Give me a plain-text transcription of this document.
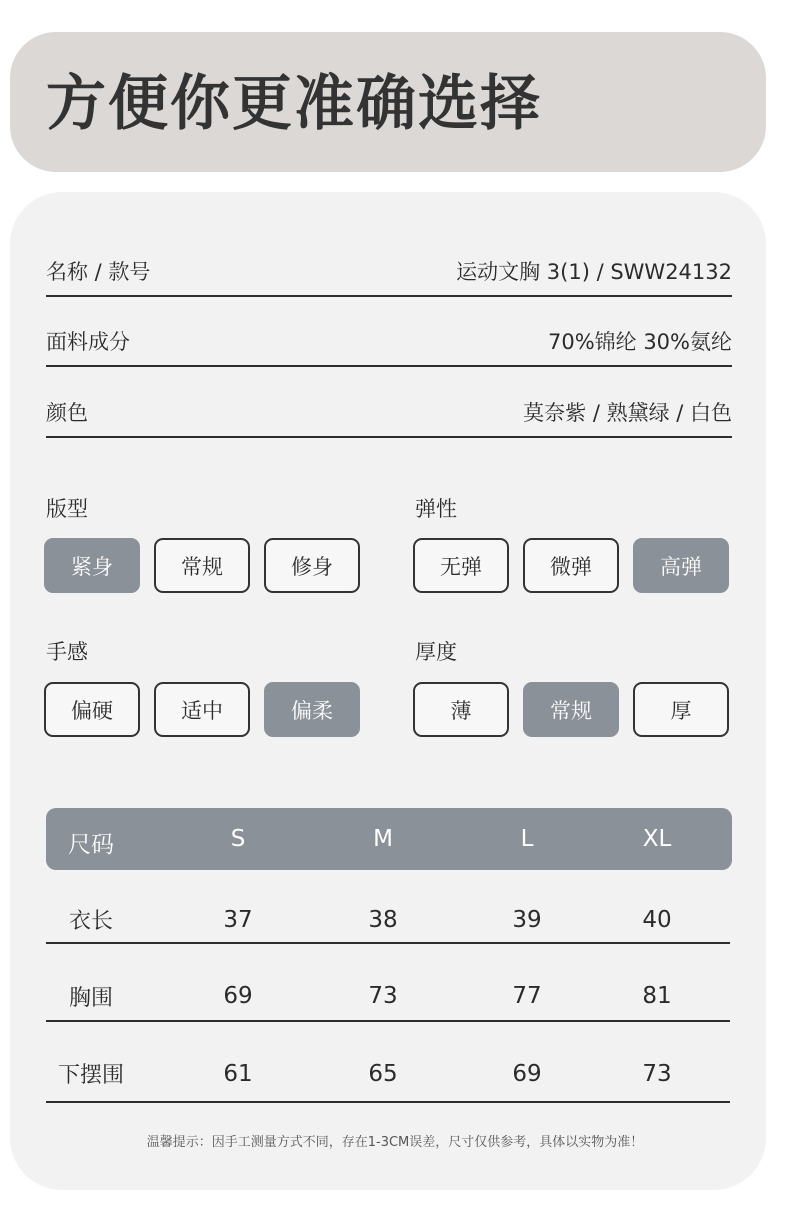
方便你更准确选择
名称 / 款号	运动文胸 3(1) / SWW24132
面料成分	70%锦纶 30%氨纶
颜色	莫奈紫 / 熟黛绿 / 白色
版型
紧身	常规	修身
弹性
无弹	微弹	高弹
手感
偏硬	适中	偏柔
厚度
薄	常规	厚
尺码	S	M	L	XL
衣长	37	38	39	40
胸围	69	73	77	81
下摆围	61	65	69	73
温馨提示：因手工测量方式不同，存在1-3CM误差，尺寸仅供参考，具体以实物为准！
